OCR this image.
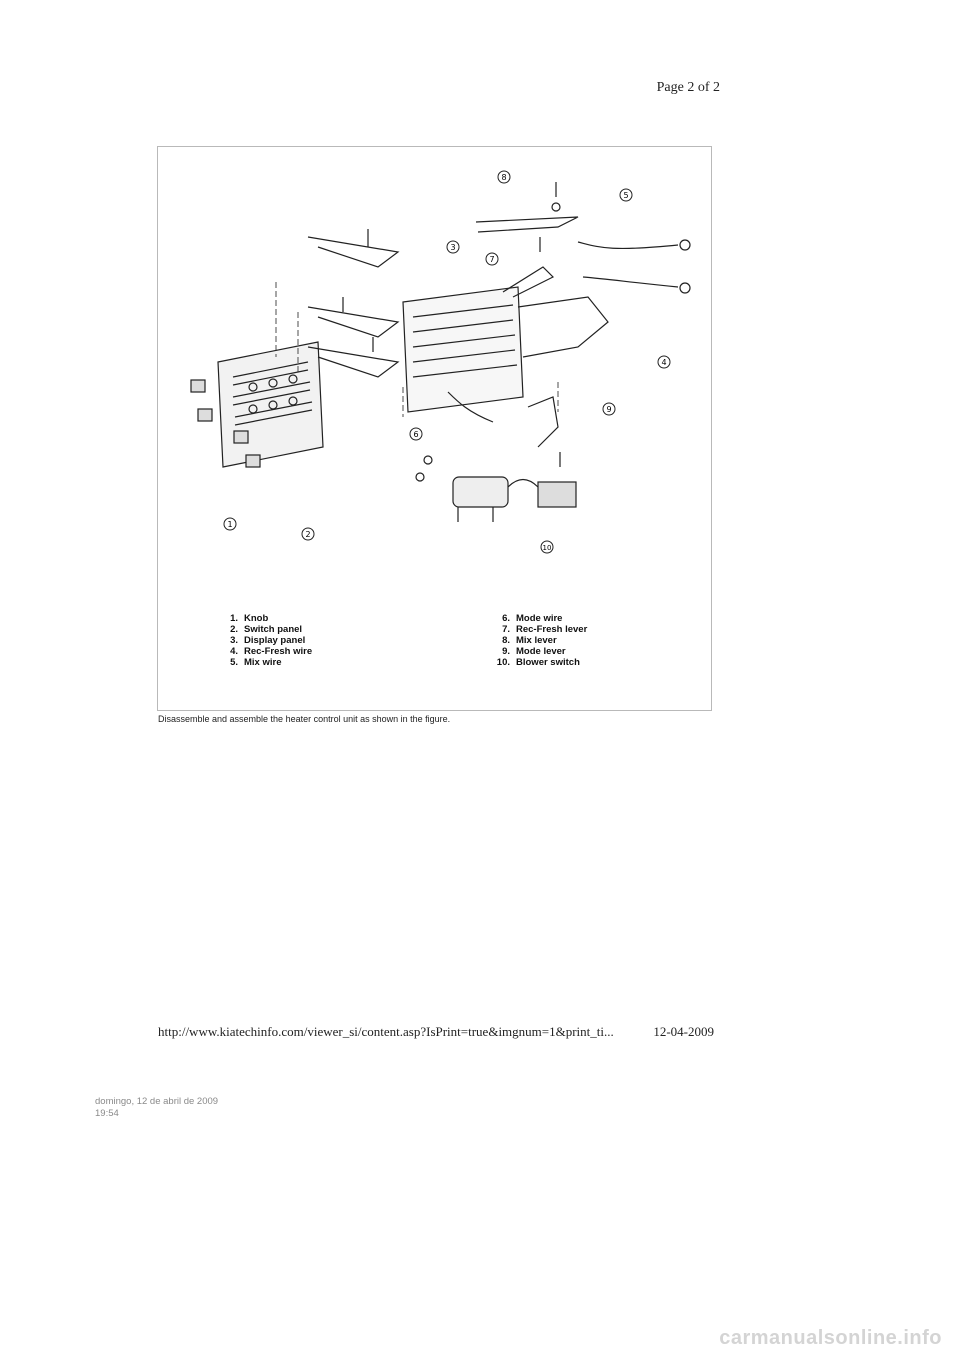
Page 2 of 2
1
2
3
4
5
6
7
8
9
10
1. Knob
2. Switch panel
3. Display panel
4. Rec-Fresh wire
5. Mix wire
6. Mode wire
7. Rec-Fresh lever
8. Mix lever
9. Mode lever
10. Blower switch
Disassemble and assemble the heater control unit as shown in the figure.
http://www.kiatechinfo.com/viewer_si/content.asp?IsPrint=true&imgnum=1&print_ti...	12-04-2009
domingo, 12 de abril de 2009
19:54
carmanualsonline.info
